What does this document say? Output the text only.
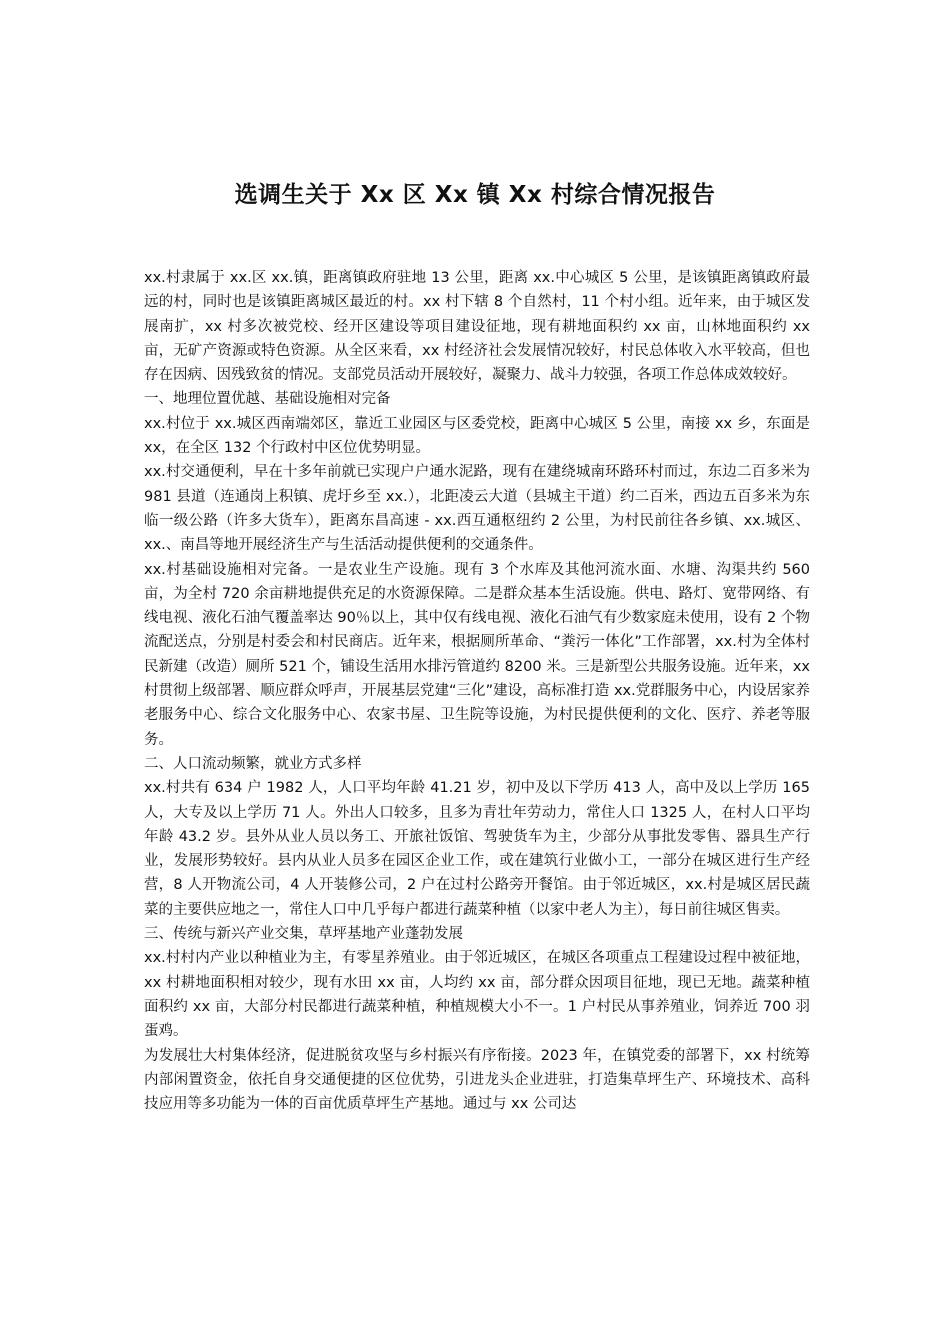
选调生关于 Xx 区 Xx 镇 Xx 村综合情况报告

xx.村隶属于 xx.区 xx.镇，距离镇政府驻地 13 公里，距离 xx.中心城区 5 公里，是该镇距离镇政府最远的村，同时也是该镇距离城区最近的村。xx 村下辖 8 个自然村，11 个村小组。近年来，由于城区发展南扩，xx 村多次被党校、经开区建设等项目建设征地，现有耕地面积约 xx 亩，山林地面积约 xx 亩，无矿产资源或特色资源。从全区来看，xx 村经济社会发展情况较好，村民总体收入水平较高，但也存在因病、因残致贫的情况。支部党员活动开展较好，凝聚力、战斗力较强，各项工作总体成效较好。

一、地理位置优越、基础设施相对完备

xx.村位于 xx.城区西南端郊区，靠近工业园区与区委党校，距离中心城区 5 公里，南接 xx 乡，东面是 xx，在全区 132 个行政村中区位优势明显。

xx.村交通便利，早在十多年前就已实现户户通水泥路，现有在建绕城南环路环村而过，东边二百多米为 981 县道（连通岗上积镇、虎圩乡至 xx.），北距凌云大道（县城主干道）约二百米，西边五百多米为东临一级公路（许多大货车），距离东昌高速 - xx.西互通枢纽约 2 公里，为村民前往各乡镇、xx.城区、xx.、南昌等地开展经济生产与生活活动提供便利的交通条件。

xx.村基础设施相对完备。一是农业生产设施。现有 3 个水库及其他河流水面、水塘、沟渠共约 560 亩，为全村 720 余亩耕地提供充足的水资源保障。二是群众基本生活设施。供电、路灯、宽带网络、有线电视、液化石油气覆盖率达 90％以上，其中仅有线电视、液化石油气有少数家庭未使用，设有 2 个物流配送点，分别是村委会和村民商店。近年来，根据厕所革命、“粪污一体化”工作部署，xx.村为全体村民新建（改造）厕所 521 个，铺设生活用水排污管道约 8200 米。三是新型公共服务设施。近年来，xx 村贯彻上级部署、顺应群众呼声，开展基层党建“三化”建设，高标准打造 xx.党群服务中心，内设居家养老服务中心、综合文化服务中心、农家书屋、卫生院等设施，为村民提供便利的文化、医疗、养老等服务。

二、人口流动频繁，就业方式多样

xx.村共有 634 户 1982 人，人口平均年龄 41.21 岁，初中及以下学历 413 人，高中及以上学历 165 人，大专及以上学历 71 人。外出人口较多，且多为青壮年劳动力，常住人口 1325 人，在村人口平均年龄 43.2 岁。县外从业人员以务工、开旅社饭馆、驾驶货车为主，少部分从事批发零售、器具生产行业，发展形势较好。县内从业人员多在园区企业工作，或在建筑行业做小工，一部分在城区进行生产经营，8 人开物流公司，4 人开装修公司，2 户在过村公路旁开餐馆。由于邻近城区，xx.村是城区居民蔬菜的主要供应地之一，常住人口中几乎每户都进行蔬菜种植（以家中老人为主），每日前往城区售卖。

三、传统与新兴产业交集，草坪基地产业蓬勃发展

xx.村村内产业以种植业为主，有零星养殖业。由于邻近城区，在城区各项重点工程建设过程中被征地，xx 村耕地面积相对较少，现有水田 xx 亩，人均约 xx 亩，部分群众因项目征地，现已无地。蔬菜种植面积约 xx 亩，大部分村民都进行蔬菜种植，种植规模大小不一。1 户村民从事养殖业，饲养近 700 羽蛋鸡。

为发展壮大村集体经济，促进脱贫攻坚与乡村振兴有序衔接。2023 年，在镇党委的部署下，xx 村统筹内部闲置资金，依托自身交通便捷的区位优势，引进龙头企业进驻，打造集草坪生产、环境技术、高科技应用等多功能为一体的百亩优质草坪生产基地。通过与 xx 公司达
